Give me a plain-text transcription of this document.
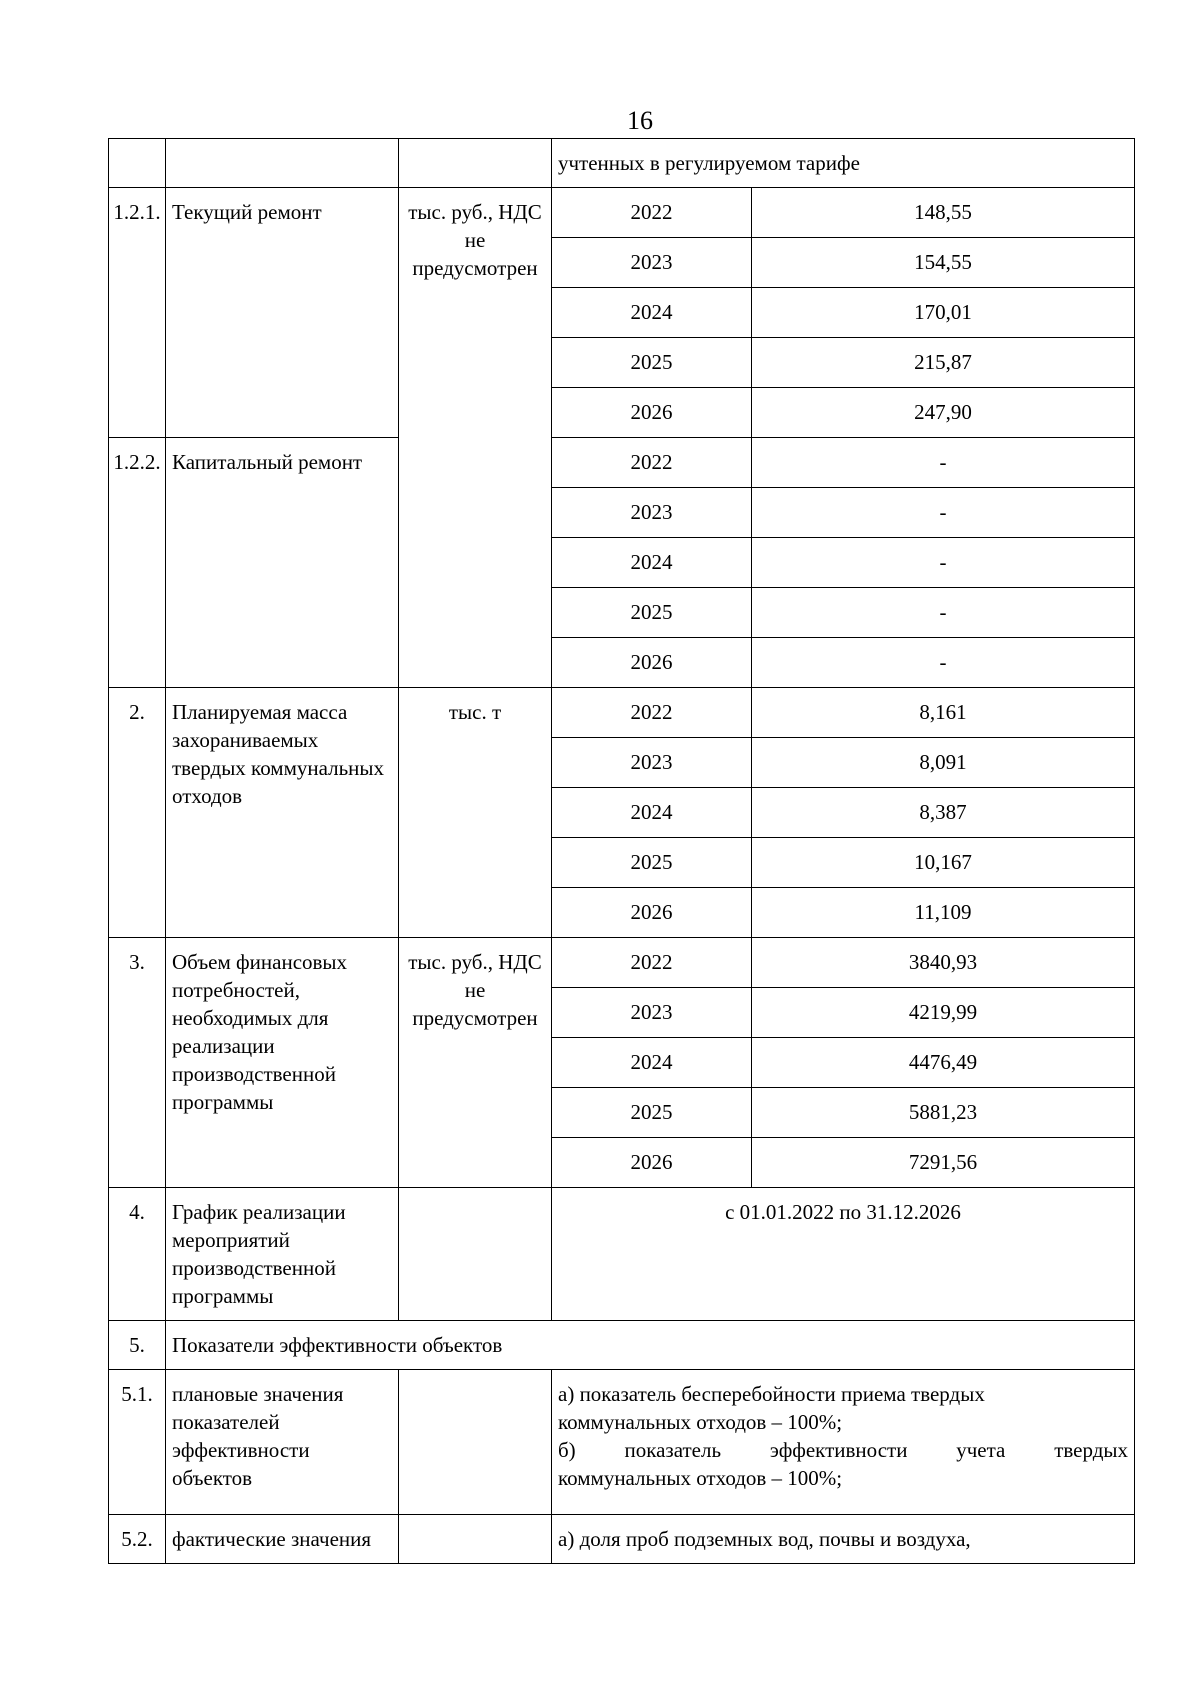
16
			учтенных в регулируемом тарифе	
1.2.1.	Текущий ремонт	тыс. руб., НДС не предусмотрен	2022	148,55
			2023	154,55
			2024	170,01
			2025	215,87
			2026	247,90
1.2.2.	Капитальный ремонт		2022	-
			2023	-
			2024	-
			2025	-
			2026	-
2.	Планируемая масса захораниваемых твердых коммунальных отходов	тыс. т	2022	8,161
			2023	8,091
			2024	8,387
			2025	10,167
			2026	11,109
3.	Объем финансовых потребностей, необходимых для реализации производственной программы	тыс. руб., НДС не предусмотрен	2022	3840,93
			2023	4219,99
			2024	4476,49
			2025	5881,23
			2026	7291,56
4.	График реализации мероприятий производственной программы		с 01.01.2022 по 31.12.2026	
5.	Показатели эффективности объектов			
5.1.	плановые значения показателей эффективности объектов		а) показатель бесперебойности приема твердых
коммунальных отходов – 100%;
б) показатель эффективности учета твердых
коммунальных отходов – 100%;	

5.2.	фактические значения		а) доля проб подземных вод, почвы и воздуха,	
